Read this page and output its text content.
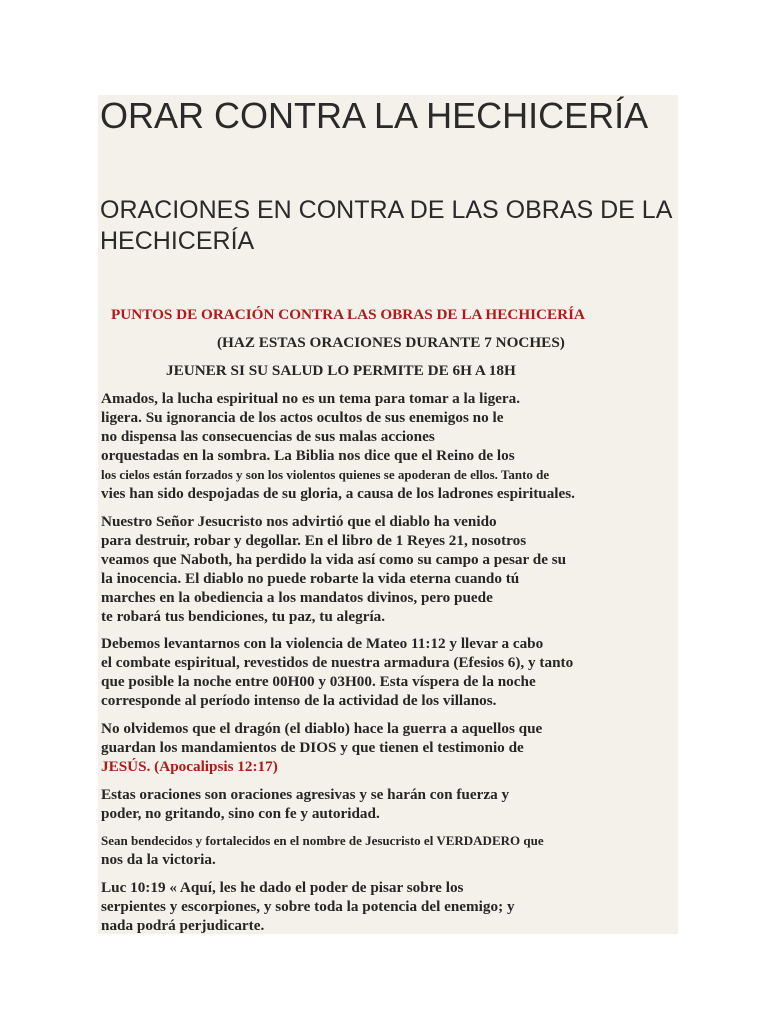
ORAR CONTRA LA HECHICERÍA
ORACIONES EN CONTRA DE LAS OBRAS DE LA HECHICERÍA
PUNTOS DE ORACIÓN CONTRA LAS OBRAS DE LA HECHICERÍA
(HAZ ESTAS ORACIONES DURANTE 7 NOCHES)
JEUNER SI SU SALUD LO PERMITE DE 6H A 18H
Amados, la lucha espiritual no es un tema para tomar a la ligera.
ligera. Su ignorancia de los actos ocultos de sus enemigos no le
no dispensa las consecuencias de sus malas acciones
orquestadas en la sombra. La Biblia nos dice que el Reino de los
los cielos están forzados y son los violentos quienes se apoderan de ellos. Tanto de
vies han sido despojadas de su gloria, a causa de los ladrones espirituales.
Nuestro Señor Jesucristo nos advirtió que el diablo ha venido
para destruir, robar y degollar. En el libro de 1 Reyes 21, nosotros
veamos que Naboth, ha perdido la vida así como su campo a pesar de su
la inocencia. El diablo no puede robarte la vida eterna cuando tú
marches en la obediencia a los mandatos divinos, pero puede
te robará tus bendiciones, tu paz, tu alegría.
Debemos levantarnos con la violencia de Mateo 11:12 y llevar a cabo
el combate espiritual, revestidos de nuestra armadura (Efesios 6), y tanto
que posible la noche entre 00H00 y 03H00. Esta víspera de la noche
corresponde al período intenso de la actividad de los villanos.
No olvidemos que el dragón (el diablo) hace la guerra a aquellos que
guardan los mandamientos de DIOS y que tienen el testimonio de
JESÚS. (Apocalipsis 12:17)
Estas oraciones son oraciones agresivas y se harán con fuerza y
poder, no gritando, sino con fe y autoridad.
Sean bendecidos y fortalecidos en el nombre de Jesucristo el VERDADERO que
nos da la victoria.
Luc 10:19 « Aquí, les he dado el poder de pisar sobre los
serpientes y escorpiones, y sobre toda la potencia del enemigo; y
nada podrá perjudicarte.
